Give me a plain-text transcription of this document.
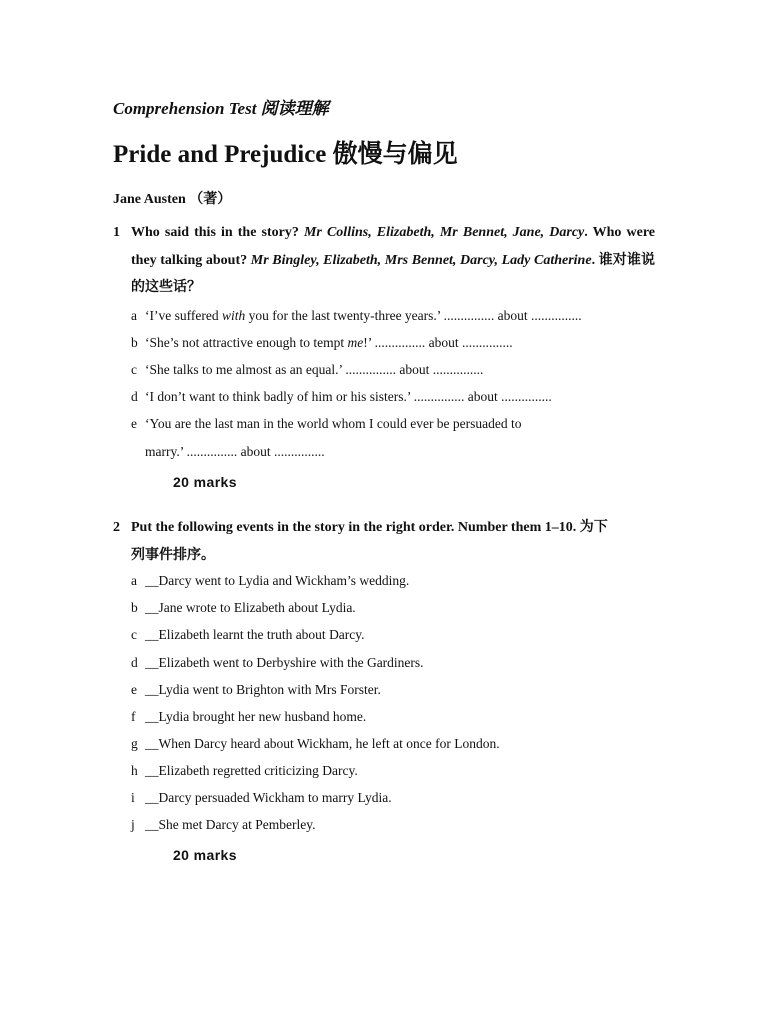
Comprehension Test 阅读理解
Pride and Prejudice 傲慢与偏见
Jane Austen （著）
1 Who said this in the story? Mr Collins, Elizabeth, Mr Bennet, Jane, Darcy. Who were they talking about? Mr Bingley, Elizabeth, Mrs Bennet, Darcy, Lady Catherine. 谁对谁说的这些话？
a ‘I’ve suffered with you for the last twenty-three years.’ ............... about ...............
b ‘She’s not attractive enough to tempt me!’ ............... about ...............
c ‘She talks to me almost as an equal.’ ............... about ...............
d ‘I don’t want to think badly of him or his sisters.’ ............... about ...............
e ‘You are the last man in the world whom I could ever be persuaded to
marry.’ ............... about ...............
20 marks
2 Put the following events in the story in the right order. Number them 1–10. 为下
列事件排序。
a __Darcy went to Lydia and Wickham’s wedding.
b __Jane wrote to Elizabeth about Lydia.
c __Elizabeth learnt the truth about Darcy.
d __Elizabeth went to Derbyshire with the Gardiners.
e __Lydia went to Brighton with Mrs Forster.
f __Lydia brought her new husband home.
g __When Darcy heard about Wickham, he left at once for London.
h __Elizabeth regretted criticizing Darcy.
i __Darcy persuaded Wickham to marry Lydia.
j __She met Darcy at Pemberley.
20 marks
